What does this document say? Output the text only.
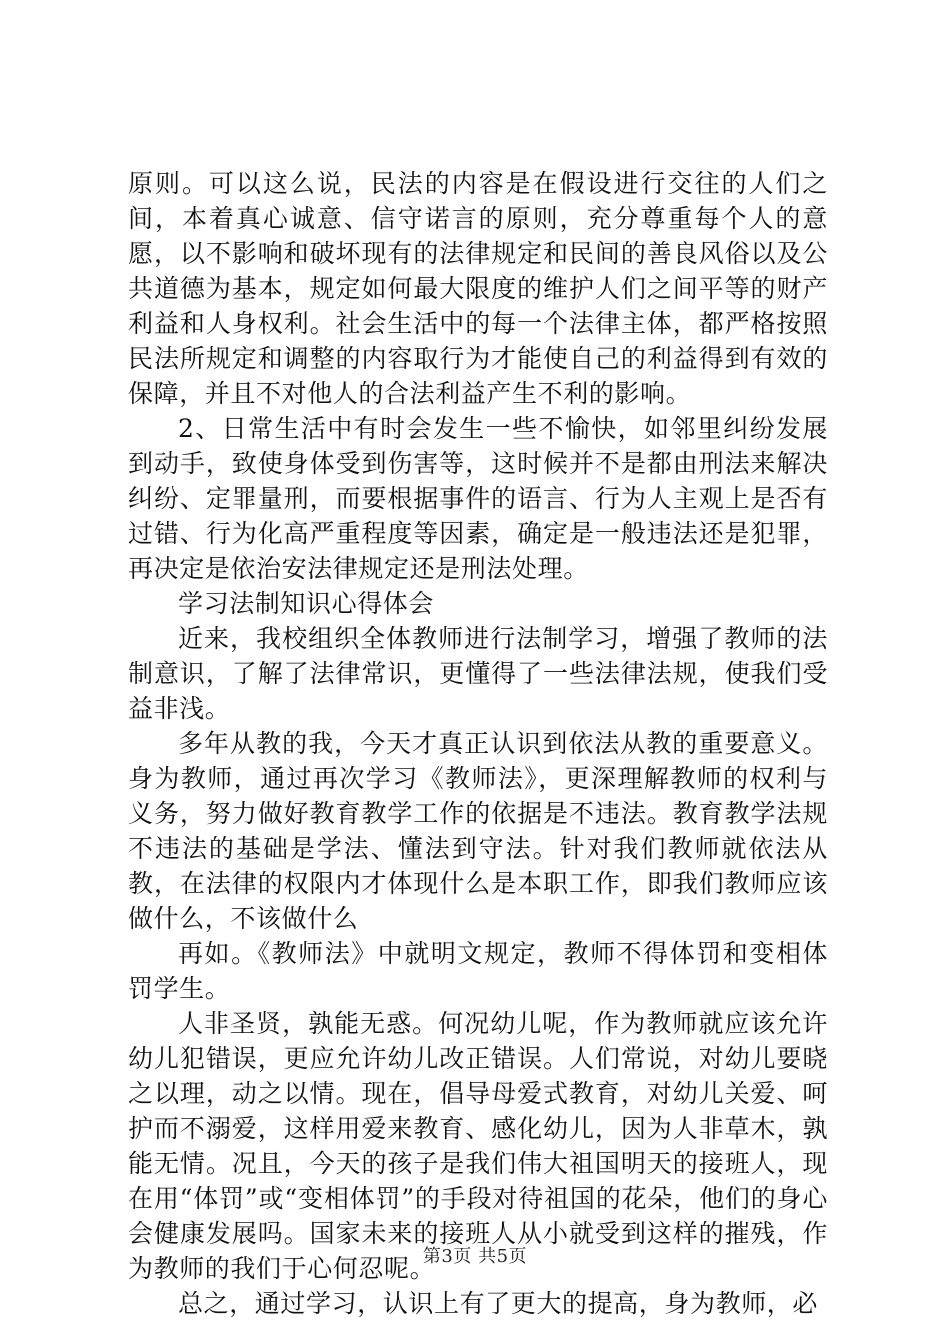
原则。可以这么说，民法的内容是在假设进行交往的人们之间，本着真心诚意、信守诺言的原则，充分尊重每个人的意愿，以不影响和破坏现有的法律规定和民间的善良风俗以及公共道德为基本，规定如何最大限度的维护人们之间平等的财产利益和人身权利。社会生活中的每一个法律主体，都严格按照民法所规定和调整的内容取行为才能使自己的利益得到有效的保障，并且不对他人的合法利益产生不利的影响。

2、日常生活中有时会发生一些不愉快，如邻里纠纷发展到动手，致使身体受到伤害等，这时候并不是都由刑法来解决纠纷、定罪量刑，而要根据事件的语言、行为人主观上是否有过错、行为化高严重程度等因素，确定是一般违法还是犯罪，再决定是依治安法律规定还是刑法处理。

学习法制知识心得体会

近来，我校组织全体教师进行法制学习，增强了教师的法制意识，了解了法律常识，更懂得了一些法律法规，使我们受益非浅。

多年从教的我，今天才真正认识到依法从教的重要意义。身为教师，通过再次学习《教师法》，更深理解教师的权利与义务，努力做好教育教学工作的依据是不违法。教育教学法规不违法的基础是学法、懂法到守法。针对我们教师就依法从教，在法律的权限内才体现什么是本职工作，即我们教师应该做什么，不该做什么

再如。《教师法》中就明文规定，教师不得体罚和变相体罚学生。

人非圣贤，孰能无惑。何况幼儿呢，作为教师就应该允许幼儿犯错误，更应允许幼儿改正错误。人们常说，对幼儿要晓之以理，动之以情。现在，倡导母爱式教育，对幼儿关爱、呵护而不溺爱，这样用爱来教育、感化幼儿，因为人非草木，孰能无情。况且，今天的孩子是我们伟大祖国明天的接班人，现在用“体罚”或“变相体罚”的手段对待祖国的花朵，他们的身心会健康发展吗。国家未来的接班人从小就受到这样的摧残，作为教师的我们于心何忍呢。

总之，通过学习，认识上有了更大的提高，身为教师，必

第3页 共5页
